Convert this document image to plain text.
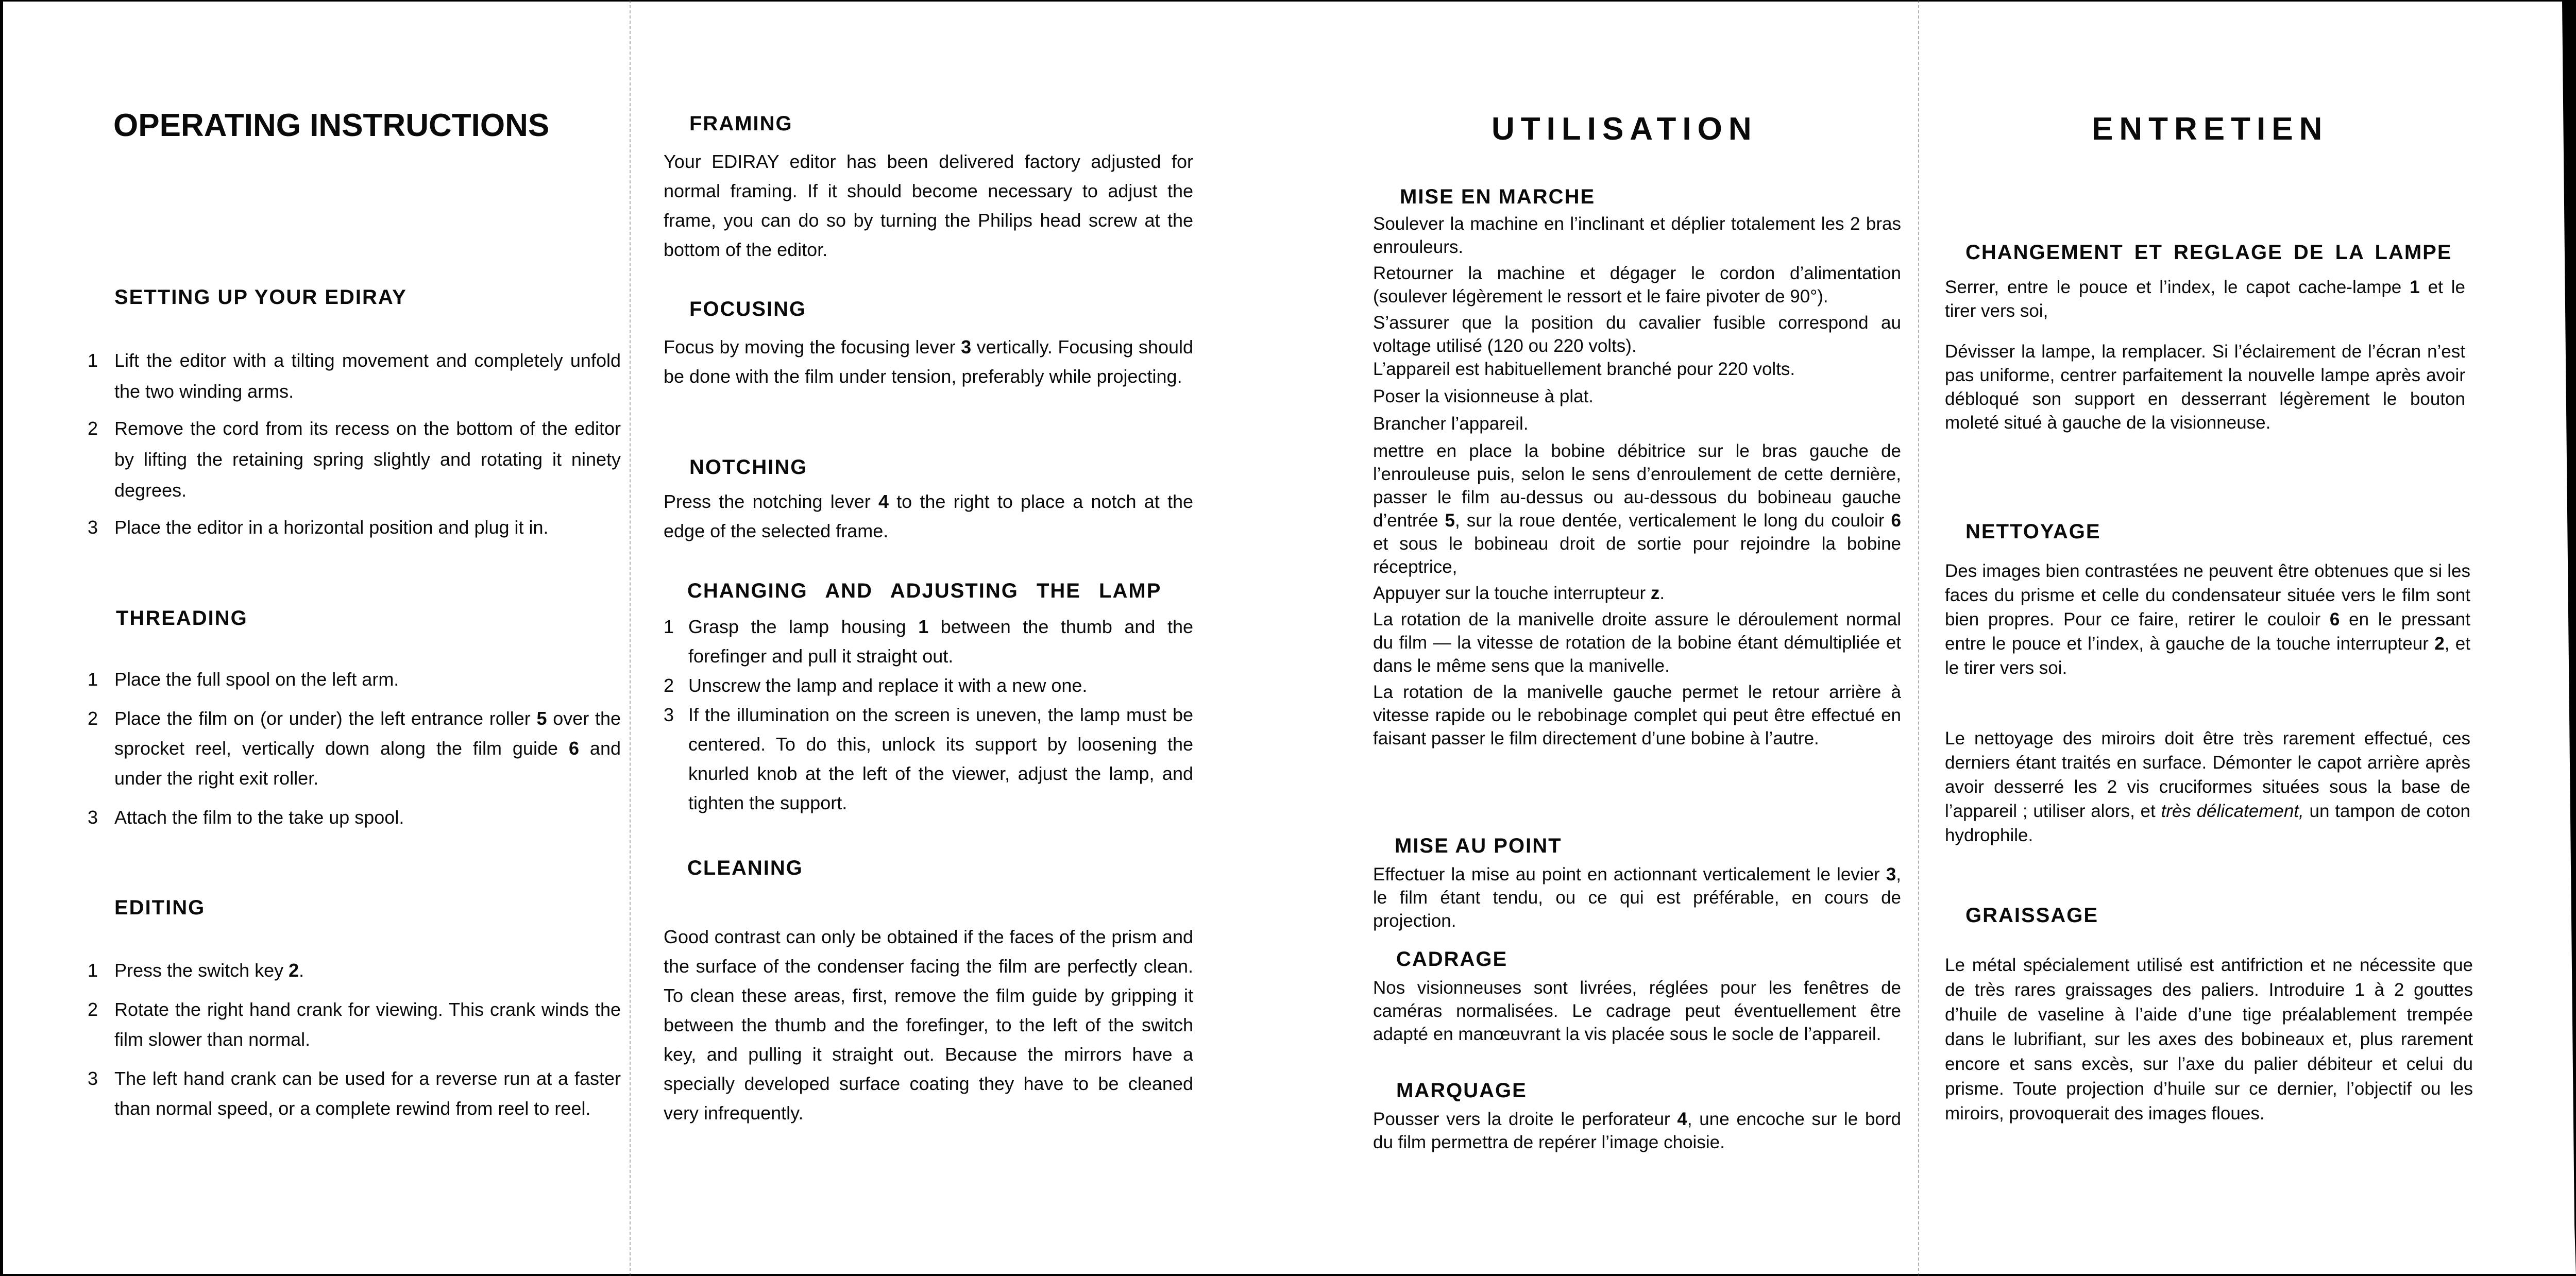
OPERATING INSTRUCTIONS
SETTING UP YOUR EDIRAY
1 Lift the editor with a tilting movement and completely unfold the two winding arms.
2 Remove the cord from its recess on the bottom of the editor by lifting the retaining spring slightly and rotating it ninety degrees.
3 Place the editor in a horizontal position and plug it in.
THREADING
1 Place the full spool on the left arm.
2 Place the film on (or under) the left entrance roller 5 over the sprocket reel, vertically down along the film guide 6 and under the right exit roller.
3 Attach the film to the take up spool.
EDITING
1 Press the switch key 2.
2 Rotate the right hand crank for viewing. This crank winds the film slower than normal.
3 The left hand crank can be used for a reverse run at a faster than normal speed, or a complete rewind from reel to reel.
FRAMING

Your EDIRAY editor has been delivered factory adjusted for normal framing. If it should become necessary to adjust the frame, you can do so by turning the Philips head screw at the bottom of the editor.

FOCUSING

Focus by moving the focusing lever 3 vertically. Focusing should be done with the film under tension, preferably while projecting.

NOTCHING

Press the notching lever 4 to the right to place a notch at the edge of the selected frame.

CHANGING AND ADJUSTING THE LAMP
1 Grasp the lamp housing 1 between the thumb and the forefinger and pull it straight out.
2 Unscrew the lamp and replace it with a new one.
3 If the illumination on the screen is uneven, the lamp must be centered. To do this, unlock its support by loosening the knurled knob at the left of the viewer, adjust the lamp, and tighten the support.
CLEANING

Good contrast can only be obtained if the faces of the prism and the surface of the condenser facing the film are perfectly clean. To clean these areas, first, remove the film guide by gripping it between the thumb and the forefinger, to the left of the switch key, and pulling it straight out. Because the mirrors have a specially developed surface coating they have to be cleaned very infrequently.

UTILISATION
MISE EN MARCHE

Soulever la machine en l’inclinant et déplier totalement les 2 bras enrouleurs.

Retourner la machine et dégager le cordon d’alimentation (soulever légèrement le ressort et le faire pivoter de 90°).

S’assurer que la position du cavalier fusible correspond au voltage utilisé (120 ou 220 volts).

L’appareil est habituellement branché pour 220 volts.

Poser la visionneuse à plat.

Brancher l’appareil.

mettre en place la bobine débitrice sur le bras gauche de l’enrouleuse puis, selon le sens d’enroulement de cette dernière, passer le film au-dessus ou au-dessous du bobineau gauche d’entrée 5, sur la roue dentée, verticalement le long du couloir 6 et sous le bobineau droit de sortie pour rejoindre la bobine réceptrice,

Appuyer sur la touche interrupteur z.

La rotation de la manivelle droite assure le déroulement normal du film — la vitesse de rotation de la bobine étant démultipliée et dans le même sens que la manivelle.

La rotation de la manivelle gauche permet le retour arrière à vitesse rapide ou le rebobinage complet qui peut être effectué en faisant passer le film directement d’une bobine à l’autre.

MISE AU POINT

Effectuer la mise au point en actionnant verticalement le levier 3, le film étant tendu, ou ce qui est préférable, en cours de projection.

CADRAGE

Nos visionneuses sont livrées, réglées pour les fenêtres de caméras normalisées. Le cadrage peut éventuellement être adapté en manœuvrant la vis placée sous le socle de l’appareil.

MARQUAGE

Pousser vers la droite le perforateur 4, une encoche sur le bord du film permettra de repérer l’image choisie.

ENTRETIEN
CHANGEMENT ET REGLAGE DE LA LAMPE

Serrer, entre le pouce et l’index, le capot cache-lampe 1 et le tirer vers soi,

Dévisser la lampe, la remplacer. Si l’éclairement de l’écran n’est pas uniforme, centrer parfaitement la nouvelle lampe après avoir débloqué son support en desserrant légèrement le bouton moleté situé à gauche de la visionneuse.

NETTOYAGE

Des images bien contrastées ne peuvent être obtenues que si les faces du prisme et celle du condensateur située vers le film sont bien propres. Pour ce faire, retirer le couloir 6 en le pressant entre le pouce et l’index, à gauche de la touche interrupteur 2, et le tirer vers soi.

Le nettoyage des miroirs doit être très rarement effectué, ces derniers étant traités en surface. Démonter le capot arrière après avoir desserré les 2 vis cruciformes situées sous la base de l’appareil ; utiliser alors, et très délicatement, un tampon de coton hydrophile.

GRAISSAGE

Le métal spécialement utilisé est antifriction et ne nécessite que de très rares graissages des paliers. Introduire 1 à 2 gouttes d’huile de vaseline à l’aide d’une tige préalablement trempée dans le lubrifiant, sur les axes des bobineaux et, plus rarement encore et sans excès, sur l’axe du palier débiteur et celui du prisme. Toute projection d’huile sur ce dernier, l’objectif ou les miroirs, provoquerait des images floues.
